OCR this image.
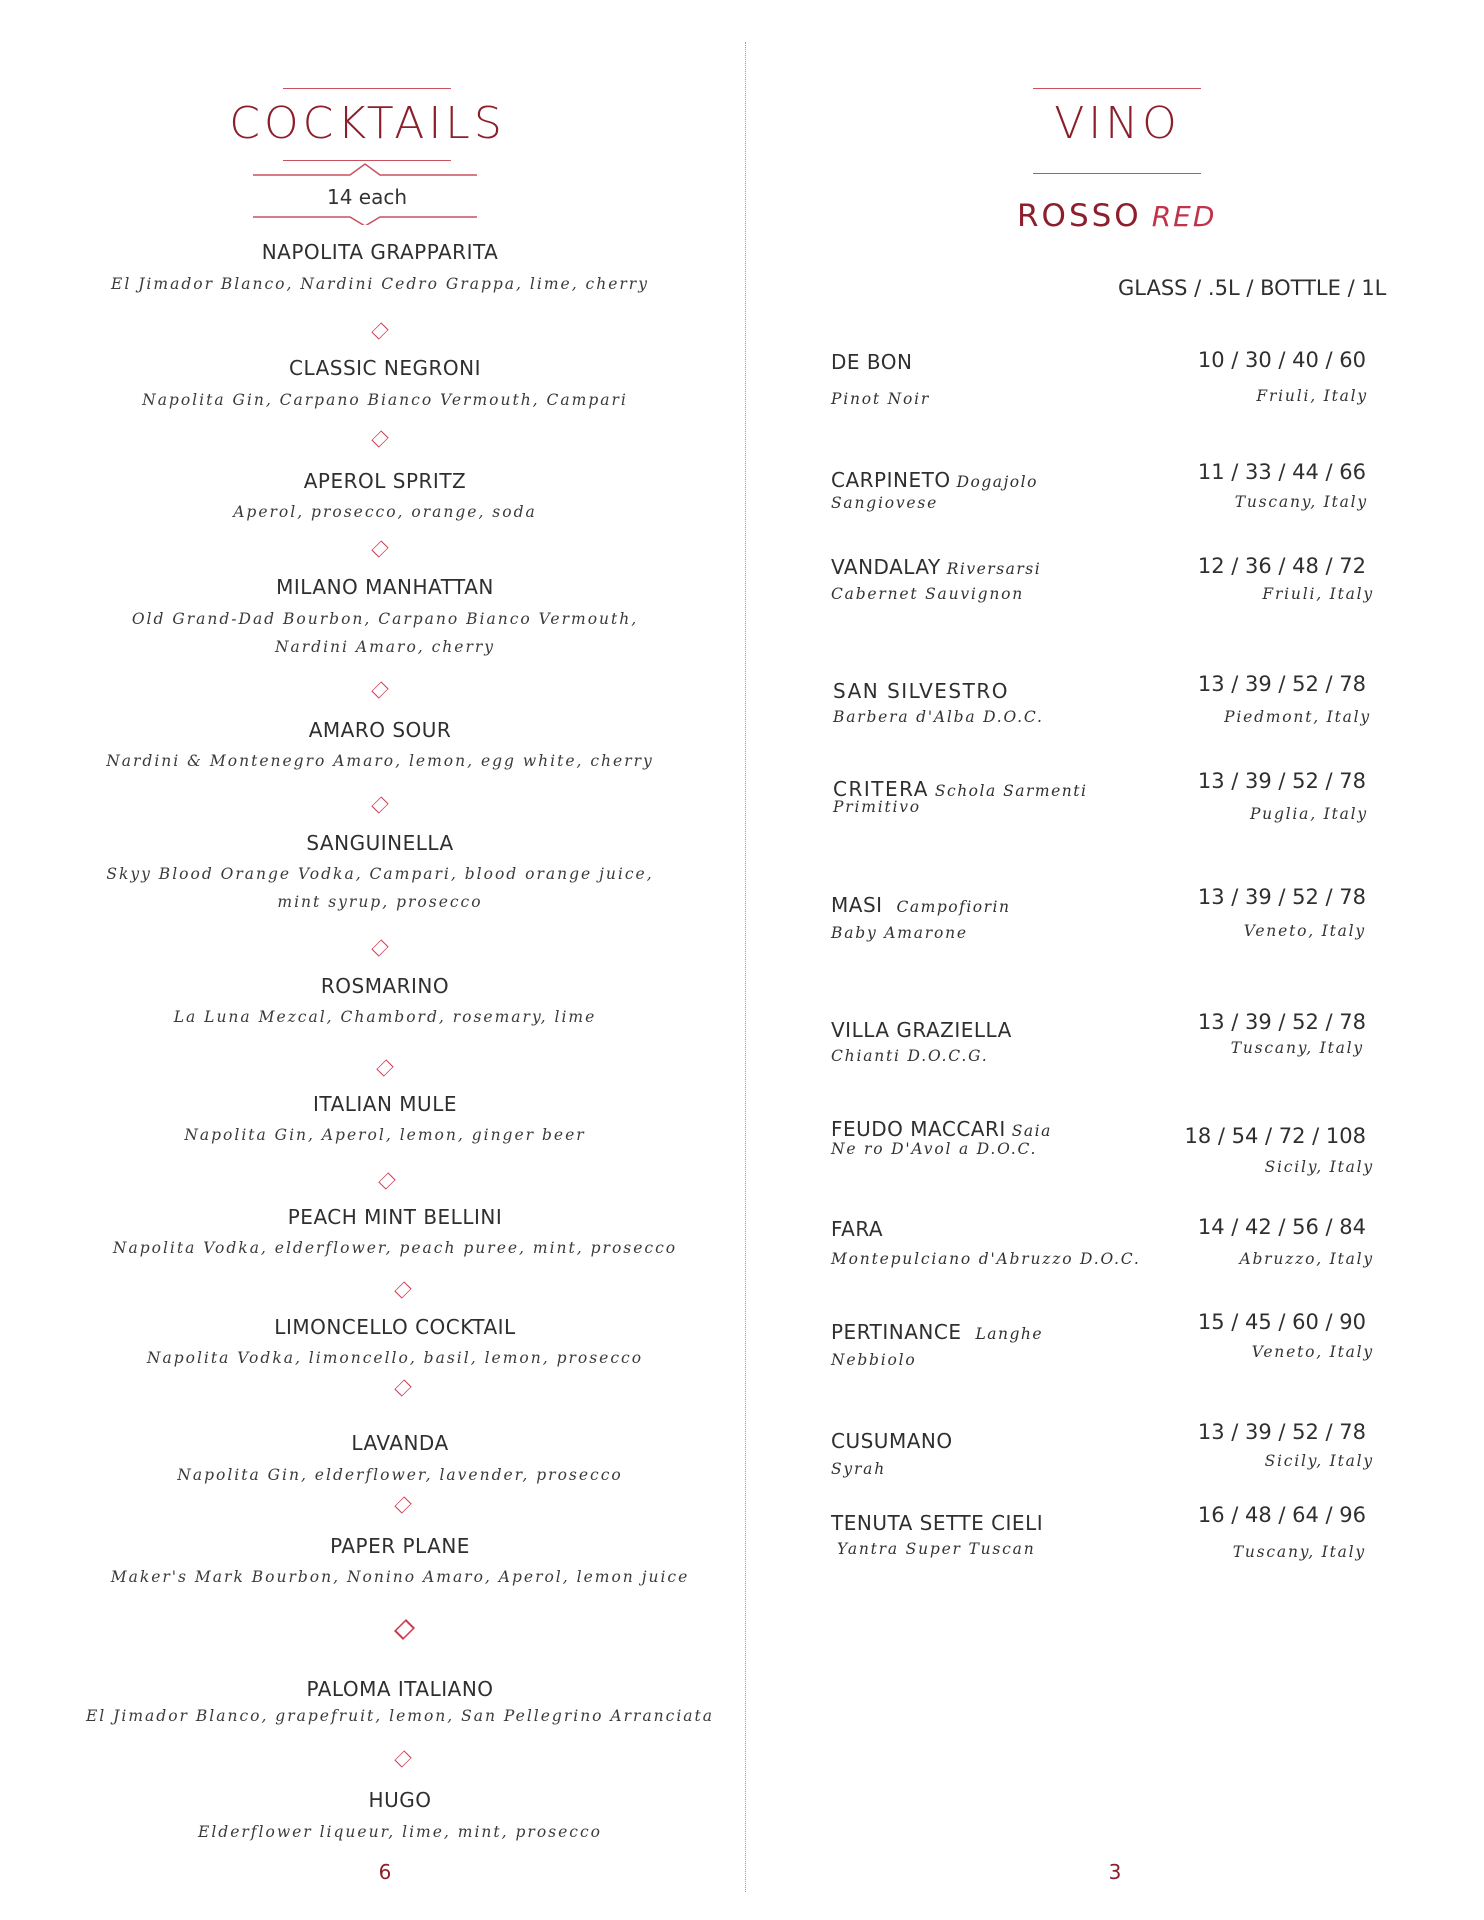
COCKTAILS
14 each
NAPOLITA GRAPPARITA
El Jimador Blanco, Nardini Cedro Grappa, lime, cherry
CLASSIC NEGRONI
Napolita Gin, Carpano Bianco Vermouth, Campari
APEROL SPRITZ
Aperol, prosecco, orange, soda
MILANO MANHATTAN
Old Grand-Dad Bourbon, Carpano Bianco Vermouth,
Nardini Amaro, cherry
AMARO SOUR
Nardini & Montenegro Amaro, lemon, egg white, cherry
SANGUINELLA
Skyy Blood Orange Vodka, Campari, blood orange juice,
mint syrup, prosecco
ROSMARINO
La Luna Mezcal, Chambord, rosemary, lime
ITALIAN MULE
Napolita Gin, Aperol, lemon, ginger beer
PEACH MINT BELLINI
Napolita Vodka, elderflower, peach puree, mint, prosecco
LIMONCELLO COCKTAIL
Napolita Vodka, limoncello, basil, lemon, prosecco
LAVANDA
Napolita Gin, elderflower, lavender, prosecco
PAPER PLANE
Maker's Mark Bourbon, Nonino Amaro, Aperol, lemon juice
PALOMA ITALIANO
El Jimador Blanco, grapefruit, lemon, San Pellegrino Arranciata
HUGO
Elderflower liqueur, lime, mint, prosecco
6
VINO
ROSSO RED
GLASS / .5L / BOTTLE / 1L
DE BON
Pinot Noir
10 / 30 / 40 / 60
Friuli, Italy
CARPINETO Dogajolo
Sangiovese
11 / 33 / 44 / 66
Tuscany, Italy
VANDALAY Riversarsi
Cabernet Sauvignon
12 / 36 / 48 / 72
Friuli, Italy
SAN SILVESTRO
Barbera d'Alba D.O.C.
13 / 39 / 52 / 78
Piedmont, Italy
CRITERA Schola Sarmenti
Primitivo
13 / 39 / 52 / 78
Puglia, Italy
MASI Campofiorin
Baby Amarone
13 / 39 / 52 / 78
Veneto, Italy
VILLA GRAZIELLA
Chianti D.O.C.G.
13 / 39 / 52 / 78
Tuscany, Italy
FEUDO MACCARI Saia
Ne ro D'Avol a D.O.C.
18 / 54 / 72 / 108
Sicily, Italy
FARA
Montepulciano d'Abruzzo D.O.C.
14 / 42 / 56 / 84
Abruzzo, Italy
PERTINANCE Langhe
Nebbiolo
15 / 45 / 60 / 90
Veneto, Italy
CUSUMANO
Syrah
13 / 39 / 52 / 78
Sicily, Italy
TENUTA SETTE CIELI
Yantra Super Tuscan
16 / 48 / 64 / 96
Tuscany, Italy
3
